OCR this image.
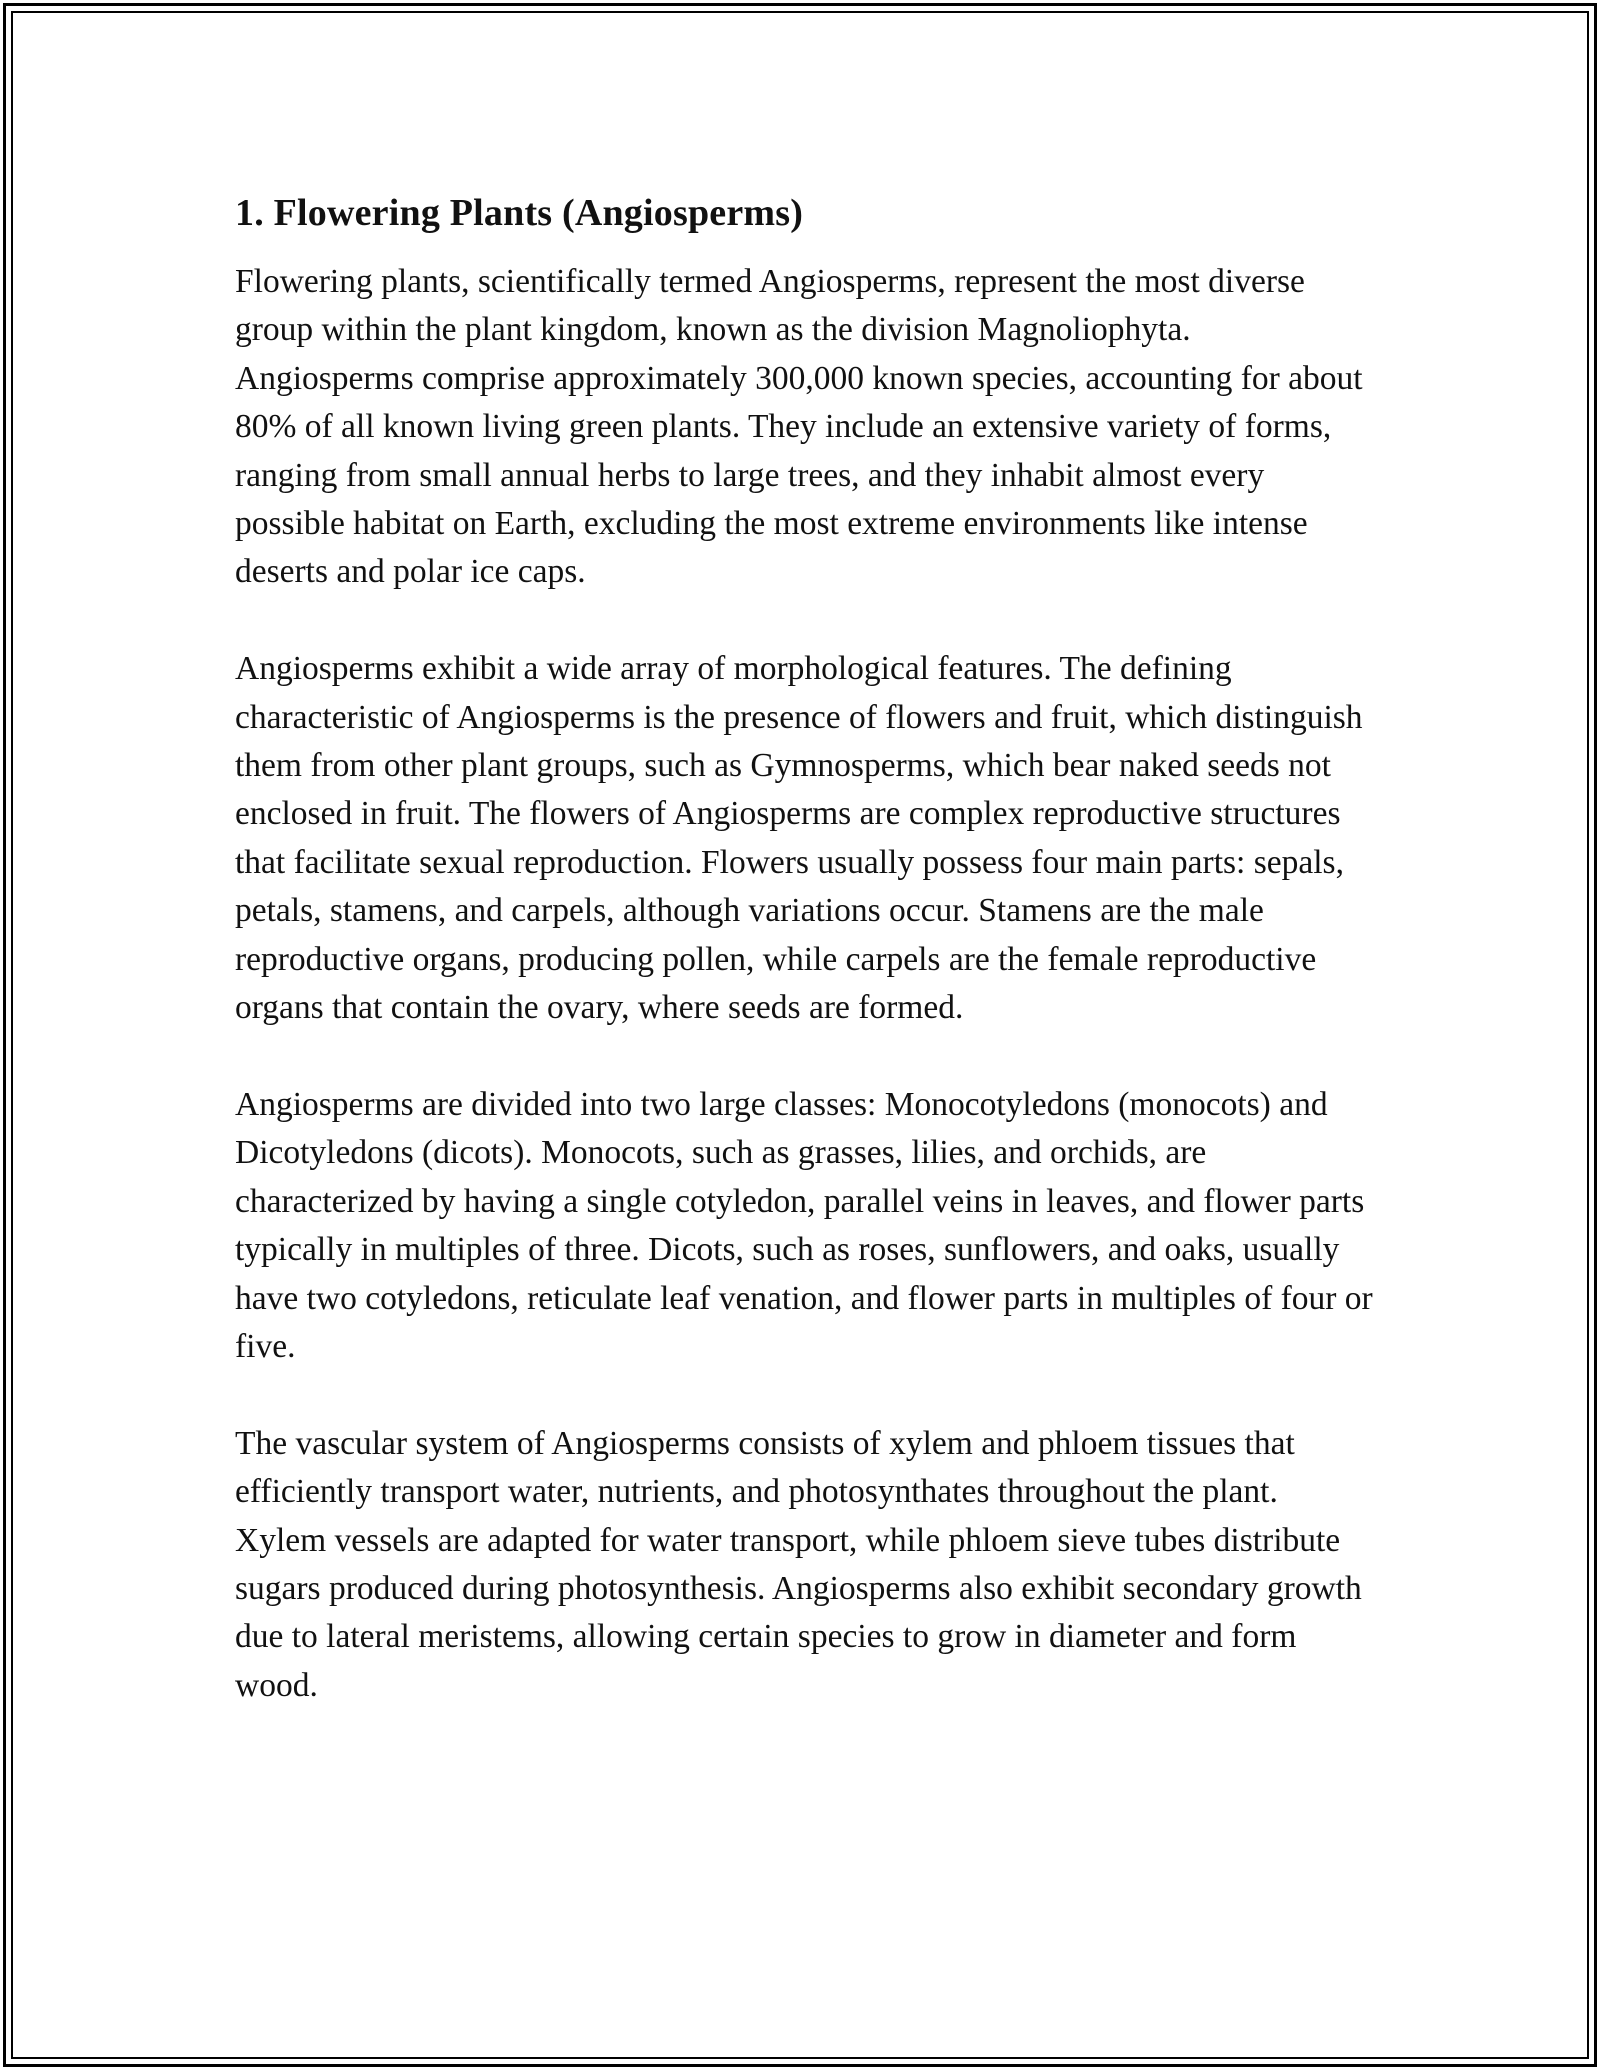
1. Flowering Plants (Angiosperms)

Flowering plants, scientifically termed Angiosperms, represent the most diverse group within the plant kingdom, known as the division Magnoliophyta. Angiosperms comprise approximately 300,000 known species, accounting for about 80% of all known living green plants. They include an extensive variety of forms, ranging from small annual herbs to large trees, and they inhabit almost every possible habitat on Earth, excluding the most extreme environments like intense deserts and polar ice caps.

Angiosperms exhibit a wide array of morphological features. The defining characteristic of Angiosperms is the presence of flowers and fruit, which distinguish them from other plant groups, such as Gymnosperms, which bear naked seeds not enclosed in fruit. The flowers of Angiosperms are complex reproductive structures that facilitate sexual reproduction. Flowers usually possess four main parts: sepals, petals, stamens, and carpels, although variations occur. Stamens are the male reproductive organs, producing pollen, while carpels are the female reproductive organs that contain the ovary, where seeds are formed.

Angiosperms are divided into two large classes: Monocotyledons (monocots) and Dicotyledons (dicots). Monocots, such as grasses, lilies, and orchids, are characterized by having a single cotyledon, parallel veins in leaves, and flower parts typically in multiples of three. Dicots, such as roses, sunflowers, and oaks, usually have two cotyledons, reticulate leaf venation, and flower parts in multiples of four or five.

The vascular system of Angiosperms consists of xylem and phloem tissues that efficiently transport water, nutrients, and photosynthates throughout the plant. Xylem vessels are adapted for water transport, while phloem sieve tubes distribute sugars produced during photosynthesis. Angiosperms also exhibit secondary growth due to lateral meristems, allowing certain species to grow in diameter and form wood.
